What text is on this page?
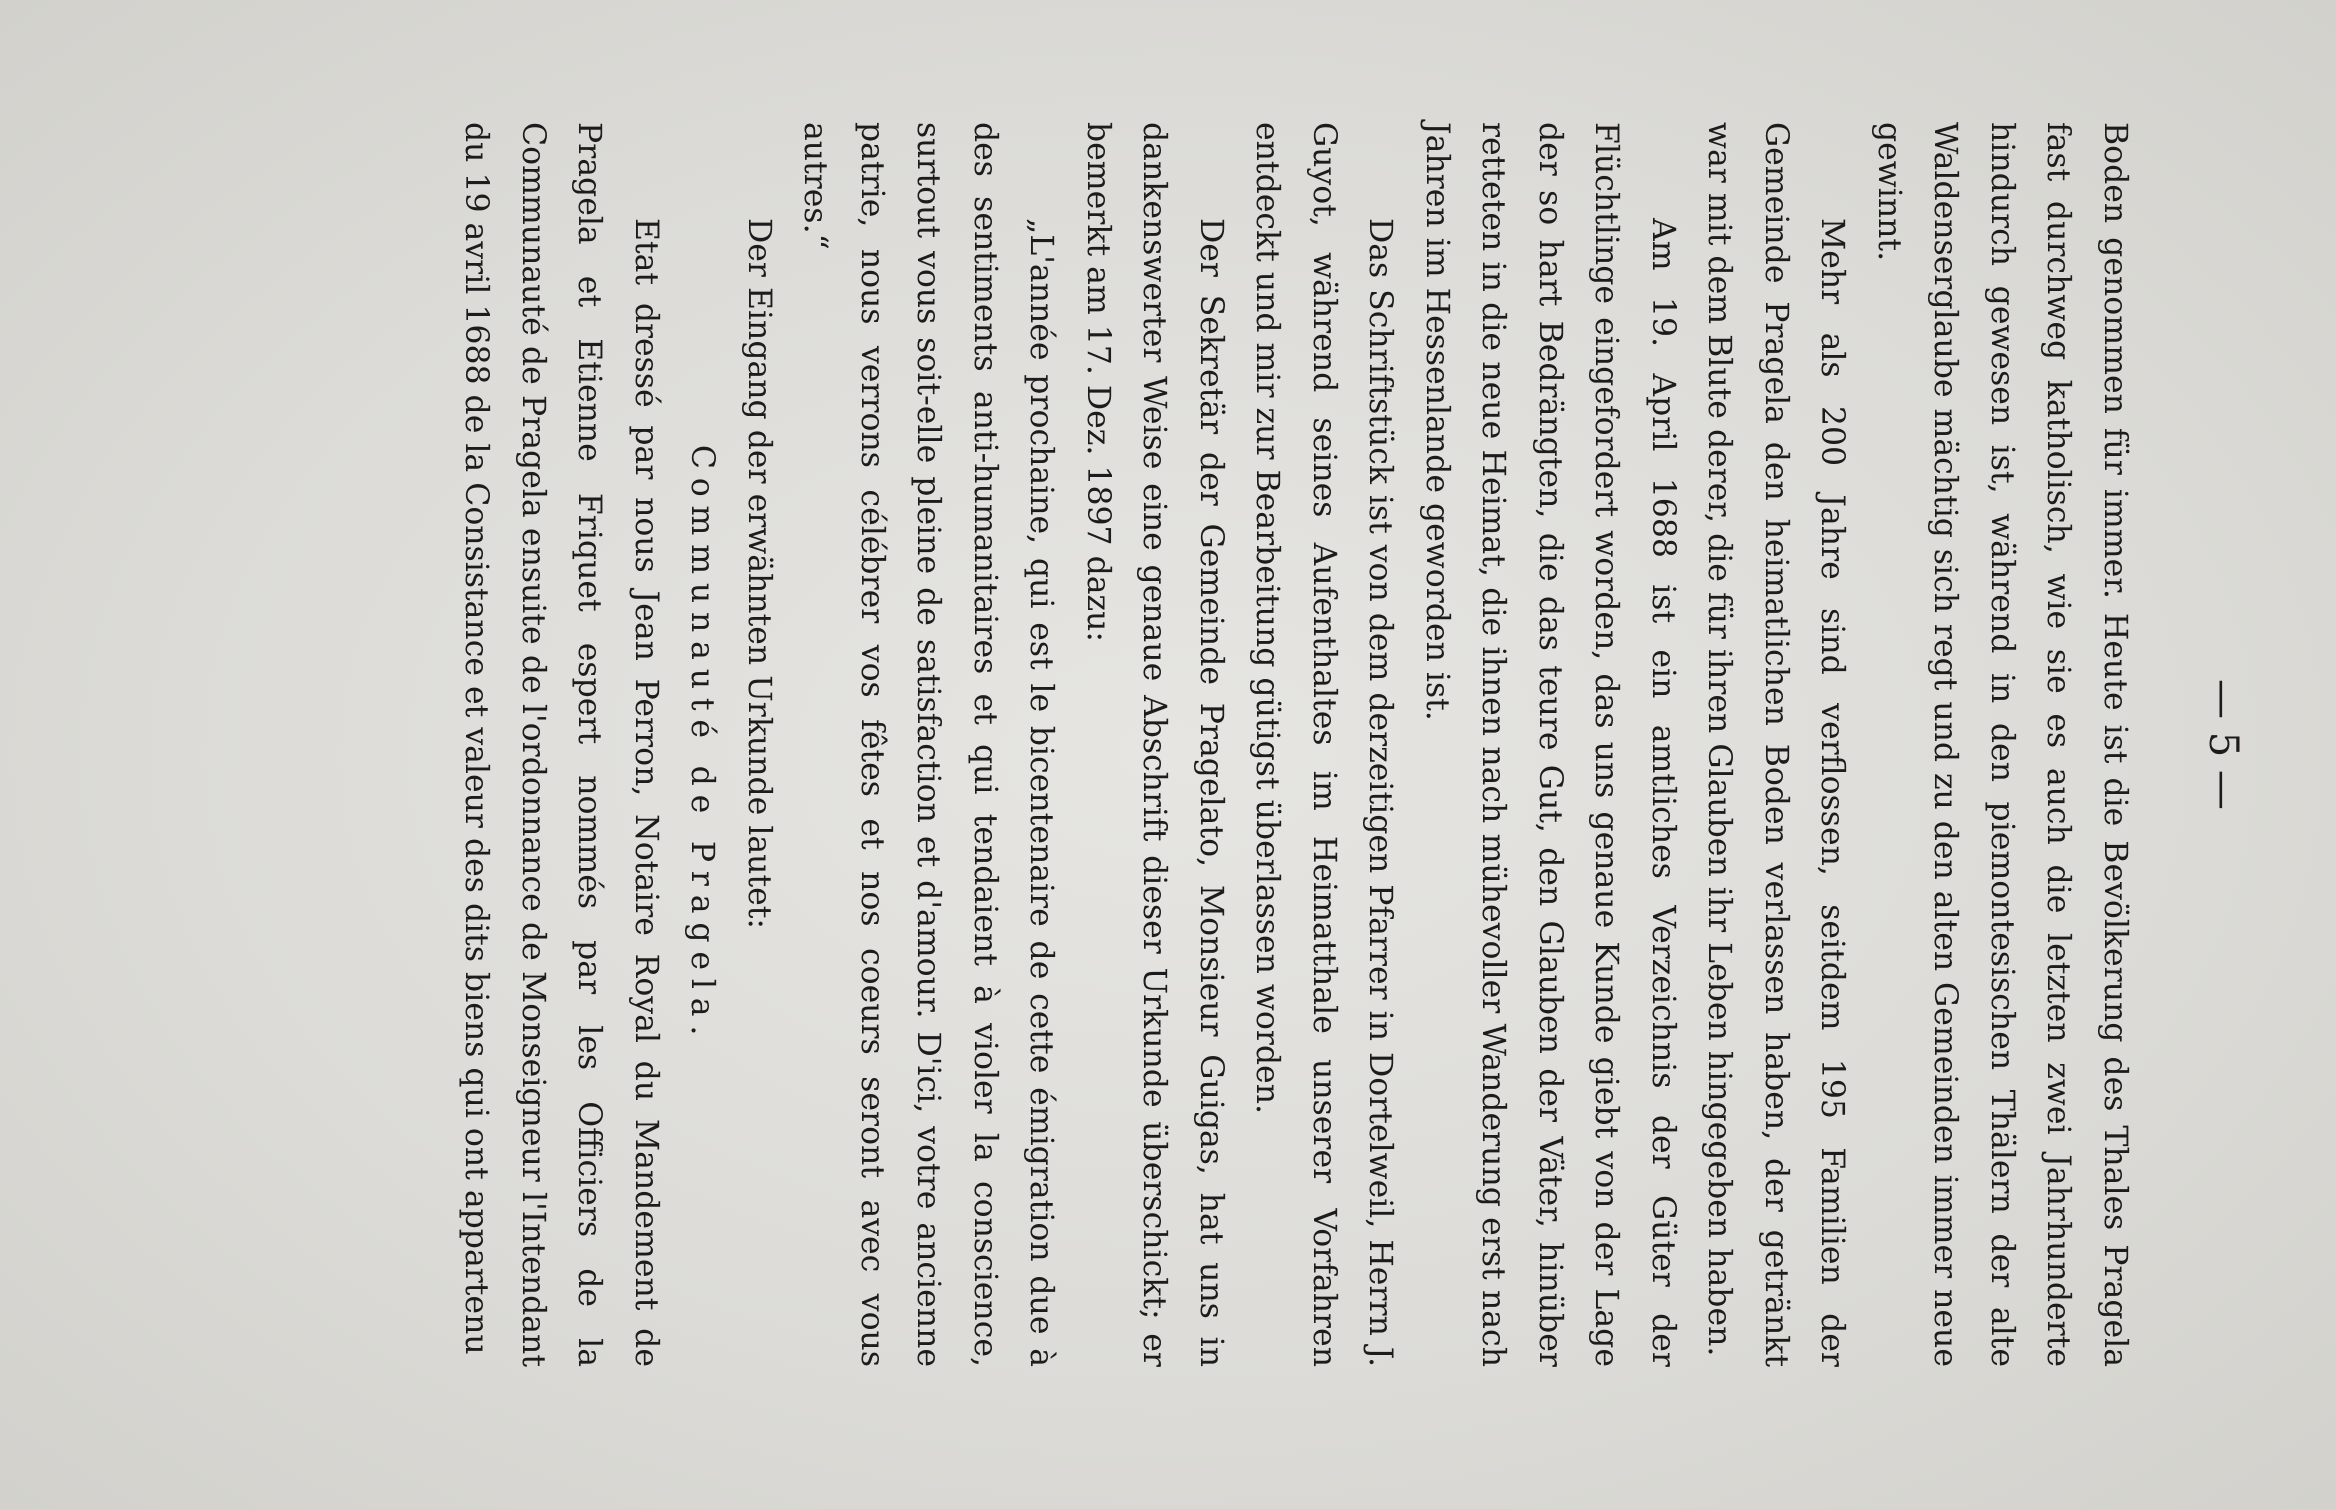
— 5 —

Boden genommen für immer. Heute ist die Bevölkerung des Thales Pragela fast durchweg katholisch, wie sie es auch die letzten zwei Jahrhunderte hindurch gewesen ist, während in den piemontesischen Thälern der alte Waldenserglaube mächtig sich regt und zu den alten Gemeinden immer neue gewinnt.

Mehr als 200 Jahre sind verflossen, seitdem 195 Familien der Gemeinde Pragela den heimatlichen Boden verlassen haben, der getränkt war mit dem Blute derer, die für ihren Glauben ihr Leben hingegeben haben.

Am 19. April 1688 ist ein amtliches Verzeichnis der Güter der Flüchtlinge eingefordert worden, das uns genaue Kunde giebt von der Lage der so hart Bedrängten, die das teure Gut, den Glauben der Väter, hinüber retteten in die neue Heimat, die ihnen nach mühevoller Wanderung erst nach Jahren im Hessenlande geworden ist.

Das Schriftstück ist von dem derzeitigen Pfarrer in Dortelweil, Herrn J. Guyot, während seines Aufenthaltes im Heimatthale unserer Vorfahren entdeckt und mir zur Bearbeitung gütigst überlassen worden.

Der Sekretär der Gemeinde Pragelato, Monsieur Guigas, hat uns in dankenswerter Weise eine genaue Abschrift dieser Urkunde überschickt; er bemerkt am 17. Dez. 1897 dazu:

„L'année prochaine, qui est le bicentenaire de cette émigration due à des sentiments anti-humanitaires et qui tendaient à violer la conscience, surtout vous soit-elle pleine de satisfaction et d'amour. D'ici, votre ancienne patrie, nous verrons célébrer vos fêtes et nos coeurs seront avec vous autres.“

Der Eingang der erwähnten Urkunde lautet:

Communauté de Pragela.

Etat dressé par nous Jean Perron, Notaire Royal du Mandement de Pragela et Etienne Friquet espert nommés par les Officiers de la Communauté de Pragela ensuite de l'ordonnance de Monseigneur l'Intendant du 19 avril 1688 de la Consistance et valeur des dits biens qui ont appartenu
